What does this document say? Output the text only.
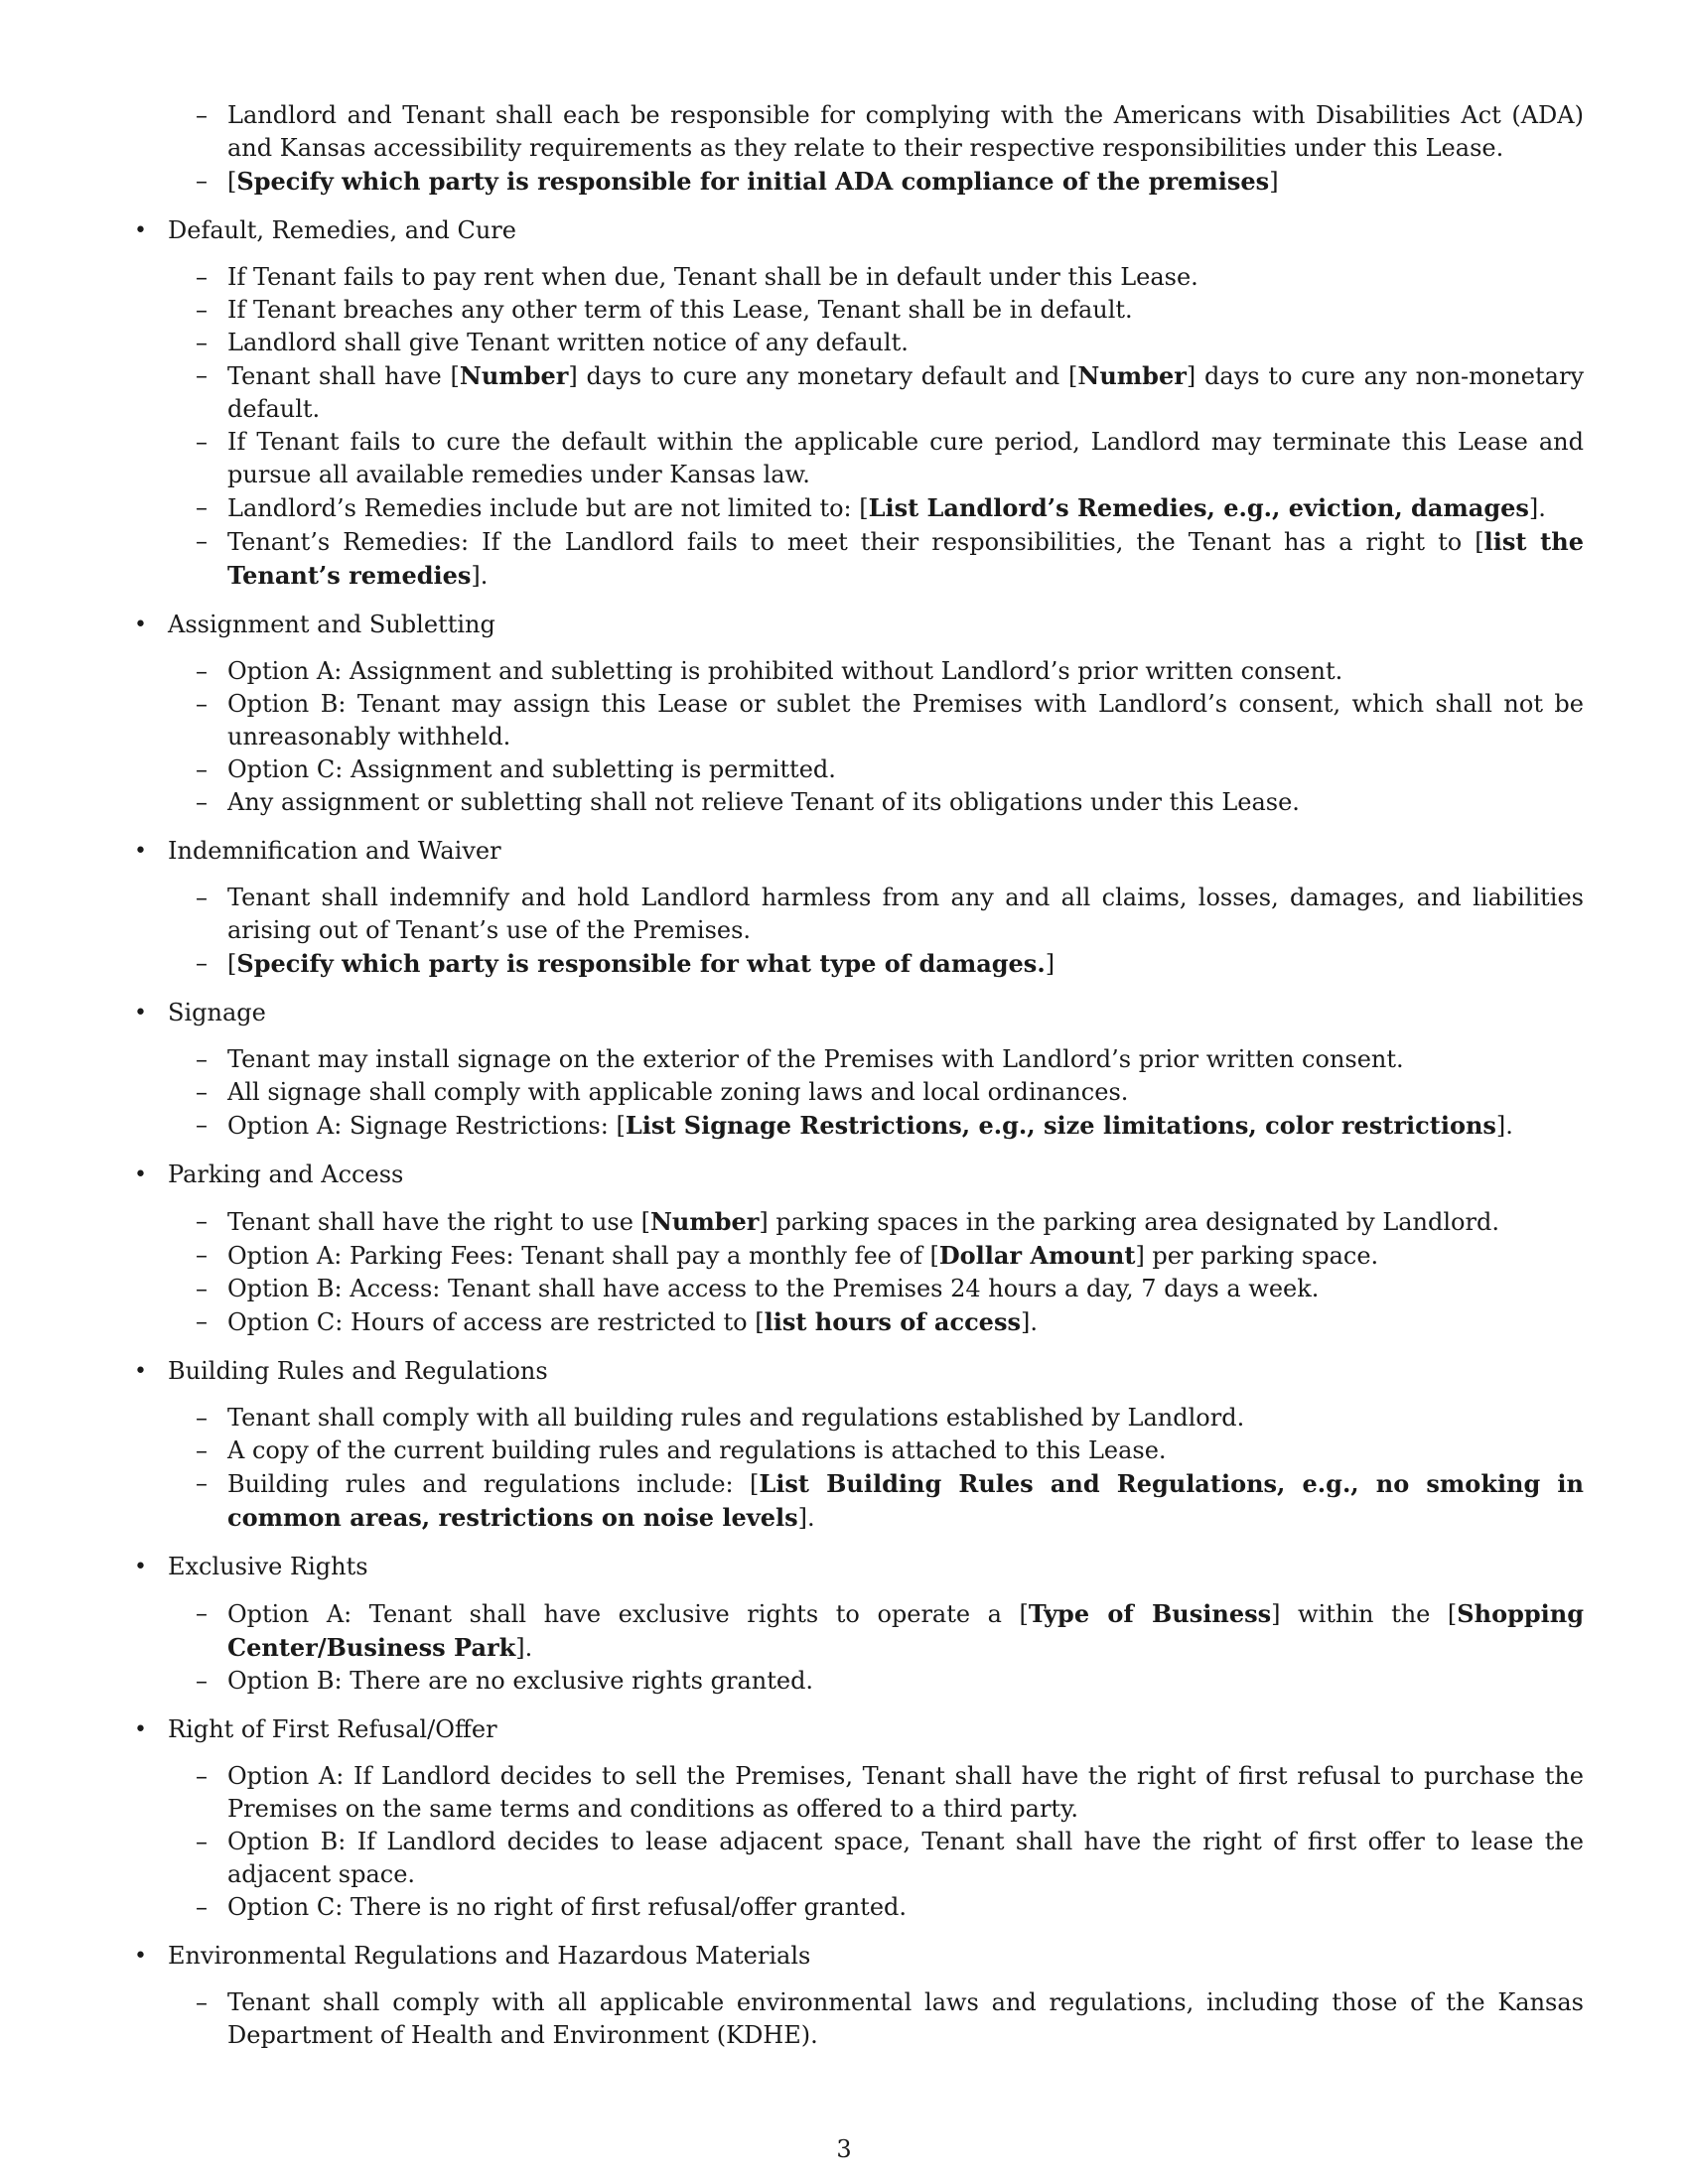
– Landlord and Tenant shall each be responsible for complying with the Americans with Disabilities Act (ADA) and Kansas accessibility requirements as they relate to their respective responsibilities under this Lease.
– [Specify which party is responsible for initial ADA compliance of the premises]
• Default, Remedies, and Cure
– If Tenant fails to pay rent when due, Tenant shall be in default under this Lease.
– If Tenant breaches any other term of this Lease, Tenant shall be in default.
– Landlord shall give Tenant written notice of any default.
– Tenant shall have [Number] days to cure any monetary default and [Number] days to cure any non-monetary default.
– If Tenant fails to cure the default within the applicable cure period, Landlord may terminate this Lease and pursue all available remedies under Kansas law.
– Landlord’s Remedies include but are not limited to: [List Landlord’s Remedies, e.g., eviction, damages].
– Tenant’s Remedies: If the Landlord fails to meet their responsibilities, the Tenant has a right to [list the Tenant’s remedies].
• Assignment and Subletting
– Option A: Assignment and subletting is prohibited without Landlord’s prior written consent.
– Option B: Tenant may assign this Lease or sublet the Premises with Landlord’s consent, which shall not be unreasonably withheld.
– Option C: Assignment and subletting is permitted.
– Any assignment or subletting shall not relieve Tenant of its obligations under this Lease.
• Indemnification and Waiver
– Tenant shall indemnify and hold Landlord harmless from any and all claims, losses, damages, and liabilities arising out of Tenant’s use of the Premises.
– [Specify which party is responsible for what type of damages.]
• Signage
– Tenant may install signage on the exterior of the Premises with Landlord’s prior written consent.
– All signage shall comply with applicable zoning laws and local ordinances.
– Option A: Signage Restrictions: [List Signage Restrictions, e.g., size limitations, color restrictions].
• Parking and Access
– Tenant shall have the right to use [Number] parking spaces in the parking area designated by Landlord.
– Option A: Parking Fees: Tenant shall pay a monthly fee of [Dollar Amount] per parking space.
– Option B: Access: Tenant shall have access to the Premises 24 hours a day, 7 days a week.
– Option C: Hours of access are restricted to [list hours of access].
• Building Rules and Regulations
– Tenant shall comply with all building rules and regulations established by Landlord.
– A copy of the current building rules and regulations is attached to this Lease.
– Building rules and regulations include: [List Building Rules and Regulations, e.g., no smoking in common areas, restrictions on noise levels].
• Exclusive Rights
– Option A: Tenant shall have exclusive rights to operate a [Type of Business] within the [Shopping Center/Business Park].
– Option B: There are no exclusive rights granted.
• Right of First Refusal/Offer
– Option A: If Landlord decides to sell the Premises, Tenant shall have the right of first refusal to purchase the Premises on the same terms and conditions as offered to a third party.
– Option B: If Landlord decides to lease adjacent space, Tenant shall have the right of first offer to lease the adjacent space.
– Option C: There is no right of first refusal/offer granted.
• Environmental Regulations and Hazardous Materials
– Tenant shall comply with all applicable environmental laws and regulations, including those of the Kansas Department of Health and Environment (KDHE).
3
